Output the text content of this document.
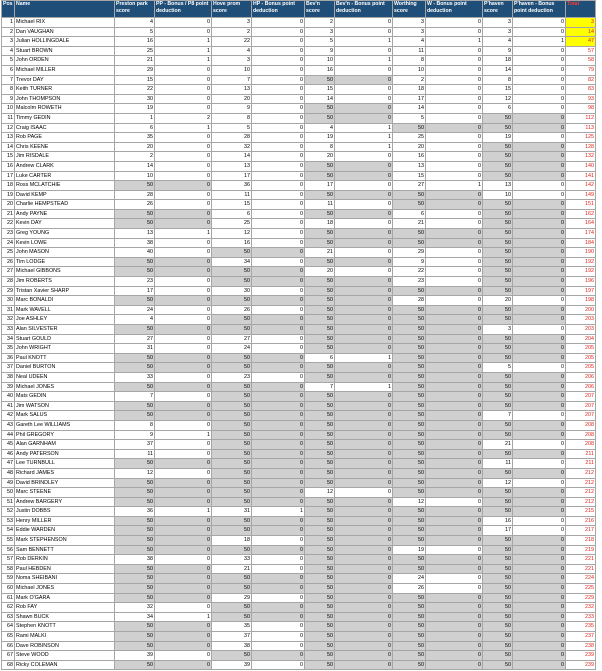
Pos	Name	Preston park score	PP - Bonus / P8 point deduction	Hove prom score	HP - Bonus point deduction	Bev'n score	Bev'n - Bonus point deduction	Worthing score	W - Bonus point deduction	P'haven score	P'haven - Bonus point deduction	Total
1	Michael RIX	4	0	3	0	2	0	3	0	3	0	3
2	Dan VAUGHAN	5	0	2	0	3	0	3	0	3	0	14
3	Julian HOLLINGDALE	16	1	22	0	5	1	4	1	4	1	47
4	Stuart BROWN	25	1	4	0	9	0	11	0	9	0	57
5	John ORDEN	21	1	3	0	10	1	8	0	18	0	58
6	Michael MILLER	29	0	10	0	16	0	10	0	14	0	79
7	Trevor DAY	15	0	7	0	50	0	2	0	8	0	82
8	Keith TURNER	22	0	13	0	15	0	18	0	15	0	83
9	John THOMPSON	30	0	20	0	14	0	17	0	12	0	93
10	Malcolm ROWETH	19	0	9	0	50	0	14	0	6	0	98
11	Timmy GEDIN	1	2	8	0	50	0	5	0	50	0	112
12	Craig ISAAC	6	1	5	0	4	1	50	0	50	0	113
13	Rob PAGE	35	0	28	0	19	1	25	0	19	0	125
14	Chris KEENE	20	0	32	0	8	1	20	0	50	0	128
15	Jim RISDALE	2	0	14	0	20	0	16	0	50	0	132
16	Andrew CLARK	14	0	13	0	50	0	13	0	50	0	140
17	Luke CARTER	10	0	17	0	50	0	15	0	50	0	141
18	Ross MCLATCHIE	50	0	36	0	17	0	27	1	13	0	142
19	David KEMP	28	0	11	0	50	0	50	0	10	0	149
20	Charlie HEMPSTEAD	26	0	15	0	11	0	50	0	50	0	151
21	Andy PAYNE	50	0	6	0	50	0	6	0	50	0	162
22	Kevin DAY	50	0	25	0	18	0	21	0	50	0	164
23	Greg YOUNG	13	1	12	0	50	0	50	0	50	0	174
24	Kevin LOWE	38	0	16	0	50	0	50	0	50	0	184
25	John MASON	40	0	50	0	21	0	29	0	50	0	190
26	Tim LODGE	50	0	34	0	50	0	9	0	50	0	192
27	Michael GIBBONS	50	0	50	0	20	0	22	0	50	0	192
28	Jim ROBERTS	23	0	50	0	50	0	23	0	50	0	196
29	Tristan Xavier SHARP	17	0	30	0	50	0	50	0	50	0	197
30	Marc BONALDI	50	0	50	0	50	0	28	0	20	0	198
31	Mark WAVELL	24	0	26	0	50	0	50	0	50	0	200
32	Joe ASHLEY	4	0	50	0	50	0	50	0	50	0	203
33	Alan SILVESTER	50	0	50	0	50	0	50	0	3	0	203
34	Stuart GOULD	27	0	27	0	50	0	50	0	50	0	204
35	John WRIGHT	31	0	24	0	50	0	50	0	50	0	205
36	Paul KNOTT	50	0	50	0	6	1	50	0	50	0	205
37	Daniel BURTON	50	0	50	0	50	0	50	0	5	0	205
38	Neal UDEEN	33	0	23	0	50	0	50	0	50	0	206
39	Michael JONES	50	0	50	0	7	1	50	0	50	0	206
40	Mats GEDIN	7	0	50	0	50	0	50	0	50	0	207
41	Jim WATSON	50	0	50	0	50	0	50	0	50	0	207
42	Mark SALUS	50	0	50	0	50	0	50	0	7	0	207
43	Gareth Lee WILLIAMS	8	0	50	0	50	0	50	0	50	0	208
44	Phil GREGORY	9	1	50	0	50	0	50	0	50	0	208
45	Alan GARNHAM	37	0	50	0	50	0	50	0	21	0	208
46	Andy PATERSON	11	0	50	0	50	0	50	0	50	0	211
47	Lee TURNBULL	50	0	50	0	50	0	50	0	11	0	211
48	Richard JAMES	12	0	50	0	50	0	50	0	50	0	212
49	David BRINDLEY	50	0	50	0	50	0	50	0	12	0	212
50	Marc STEENE	50	0	50	0	12	0	50	0	50	0	212
51	Andrew BARGERY	50	0	50	0	50	0	12	0	50	0	212
52	Justin DOBBS	36	1	31	1	50	0	50	0	50	0	215
53	Henry MILLER	50	0	50	0	50	0	50	0	16	0	216
54	Eddie WARDEN	50	0	50	0	50	0	50	0	17	0	217
55	Mark STEPHENSON	50	0	18	0	50	0	50	0	50	0	218
56	Sam BENNETT	50	0	50	0	50	0	19	0	50	0	219
57	Rob DERKIN	38	0	33	0	50	0	50	0	50	0	221
58	Paul HEBDEN	50	0	21	0	50	0	50	0	50	0	221
59	Noma SHEIBANI	50	0	50	0	50	0	24	0	50	0	224
60	Michael JONES	50	0	50	0	50	0	26	0	50	0	225
61	Mark O'GARA	50	0	29	0	50	0	50	0	50	0	229
62	Rob FAY	32	0	50	0	50	0	50	0	50	0	232
63	Shawn BUCK	34	1	50	0	50	0	50	0	50	0	233
64	Stephen KNOTT	50	0	35	0	50	0	50	0	50	0	235
65	Rami MALKI	50	0	37	0	50	0	50	0	50	0	237
66	Dave ROBINSON	50	0	38	0	50	0	50	0	50	0	238
67	Steve WOOD	39	0	50	0	50	0	50	0	50	0	239
68	Ricky COLEMAN	50	0	39	0	50	0	50	0	50	0	239
